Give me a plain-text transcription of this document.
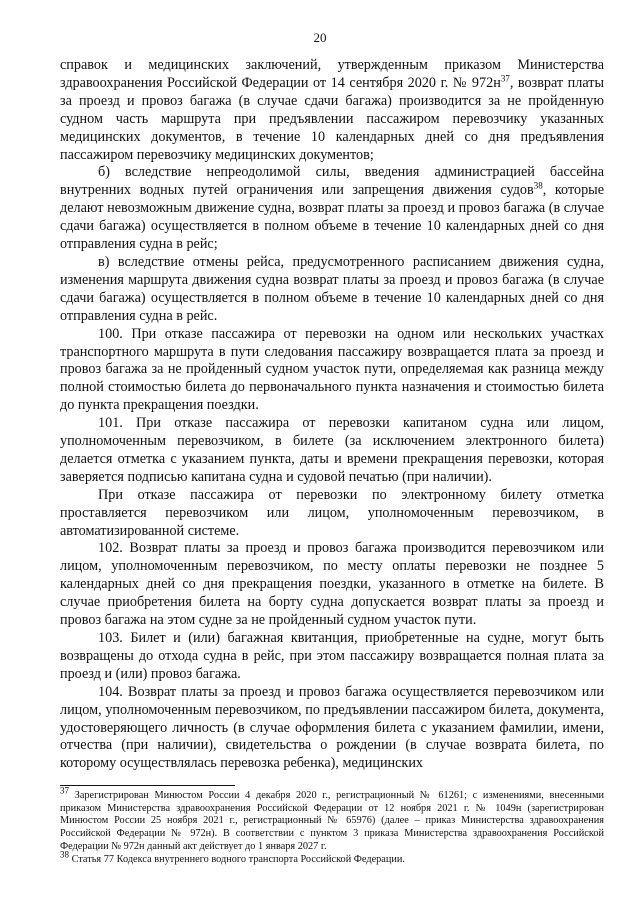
20

справок и медицинских заключений, утвержденным приказом Министерства здравоохранения Российской Федерации от 14 сентября 2020 г. № $972н^{37}$, возврат платы за проезд и провоз багажа (в случае сдачи багажа) производится за не пройденную судном часть маршрута при предъявлении пассажиром перевозчику указанных медицинских документов, в течение 10 календарных дней со дня предъявления пассажиром перевозчику медицинских документов;

б) вследствие непреодолимой силы, введения администрацией бассейна внутренних водных путей ограничения или запрещения движения судов$^{38}$, которые делают невозможным движение судна, возврат платы за проезд и провоз багажа (в случае сдачи багажа) осуществляется в полном объеме в течение 10 календарных дней со дня отправления судна в рейс;

в) вследствие отмены рейса, предусмотренного расписанием движения судна, изменения маршрута движения судна возврат платы за проезд и провоз багажа (в случае сдачи багажа) осуществляется в полном объеме в течение 10 календарных дней со дня отправления судна в рейс.

100. При отказе пассажира от перевозки на одном или нескольких участках транспортного маршрута в пути следования пассажиру возвращается плата за проезд и провоз багажа за не пройденный судном участок пути, определяемая как разница между полной стоимостью билета до первоначального пункта назначения и стоимостью билета до пункта прекращения поездки.

101. При отказе пассажира от перевозки капитаном судна или лицом, уполномоченным перевозчиком, в билете (за исключением электронного билета) делается отметка с указанием пункта, даты и времени прекращения перевозки, которая заверяется подписью капитана судна и судовой печатью (при наличии).

При отказе пассажира от перевозки по электронному билету отметка проставляется перевозчиком или лицом, уполномоченным перевозчиком, в автоматизированной системе.

102. Возврат платы за проезд и провоз багажа производится перевозчиком или лицом, уполномоченным перевозчиком, по месту оплаты перевозки не позднее 5 календарных дней со дня прекращения поездки, указанного в отметке на билете. В случае приобретения билета на борту судна допускается возврат платы за проезд и провоз багажа на этом судне за не пройденный судном участок пути.

103. Билет и (или) багажная квитанция, приобретенные на судне, могут быть возвращены до отхода судна в рейс, при этом пассажиру возвращается полная плата за проезд и (или) провоз багажа.

104. Возврат платы за проезд и провоз багажа осуществляется перевозчиком или лицом, уполномоченным перевозчиком, по предъявлении пассажиром билета, документа, удостоверяющего личность (в случае оформления билета с указанием фамилии, имени, отчества (при наличии), свидетельства о рождении (в случае возврата билета, по которому осуществлялась перевозка ребенка), медицинских

$^{37}$ Зарегистрирован Минюстом России 4 декабря 2020 г., регистрационный № 61261; с изменениями, внесенными приказом Министерства здравоохранения Российской Федерации от 12 ноября 2021 г. № 1049н (зарегистрирован Минюстом России 25 ноября 2021 г., регистрационный № 65976) (далее – приказ Министерства здравоохранения Российской Федерации № 972н). В соответствии с пунктом 3 приказа Министерства здравоохранения Российской Федерации № 972н данный акт действует до 1 января 2027 г.

$^{38}$ Статья 77 Кодекса внутреннего водного транспорта Российской Федерации.
